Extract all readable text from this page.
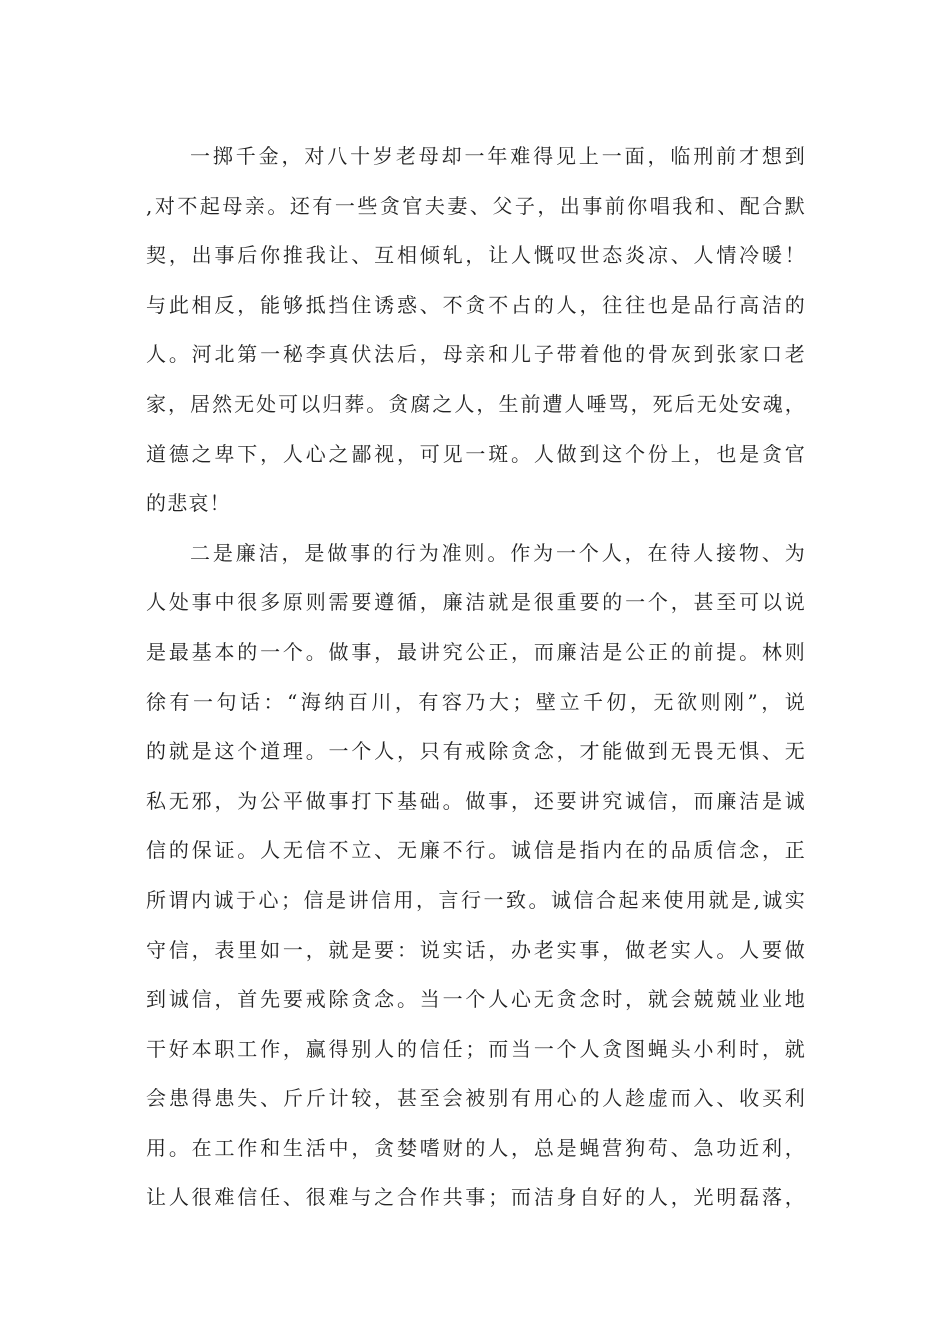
一掷千金，对八十岁老母却一年难得见上一面，临刑前才想到
,对不起母亲。还有一些贪官夫妻、父子，出事前你唱我和、配合默
契，出事后你推我让、互相倾轧，让人慨叹世态炎凉、人情冷暖！
与此相反，能够抵挡住诱惑、不贪不占的人，往往也是品行高洁的
人。河北第一秘李真伏法后，母亲和儿子带着他的骨灰到张家口老
家，居然无处可以归葬。贪腐之人，生前遭人唾骂，死后无处安魂，
道德之卑下，人心之鄙视，可见一斑。人做到这个份上，也是贪官
的悲哀！
二是廉洁，是做事的行为准则。作为一个人，在待人接物、为
人处事中很多原则需要遵循，廉洁就是很重要的一个，甚至可以说
是最基本的一个。做事，最讲究公正，而廉洁是公正的前提。林则
徐有一句话：“海纳百川，有容乃大；壁立千仞，无欲则刚”，说
的就是这个道理。一个人，只有戒除贪念，才能做到无畏无惧、无
私无邪，为公平做事打下基础。做事，还要讲究诚信，而廉洁是诚
信的保证。人无信不立、无廉不行。诚信是指内在的品质信念，正
所谓内诚于心；信是讲信用，言行一致。诚信合起来使用就是,诚实
守信，表里如一，就是要：说实话，办老实事，做老实人。人要做
到诚信，首先要戒除贪念。当一个人心无贪念时，就会兢兢业业地
干好本职工作，赢得别人的信任；而当一个人贪图蝇头小利时，就
会患得患失、斤斤计较，甚至会被别有用心的人趁虚而入、收买利
用。在工作和生活中，贪婪嗜财的人，总是蝇营狗苟、急功近利，
让人很难信任、很难与之合作共事；而洁身自好的人，光明磊落，
